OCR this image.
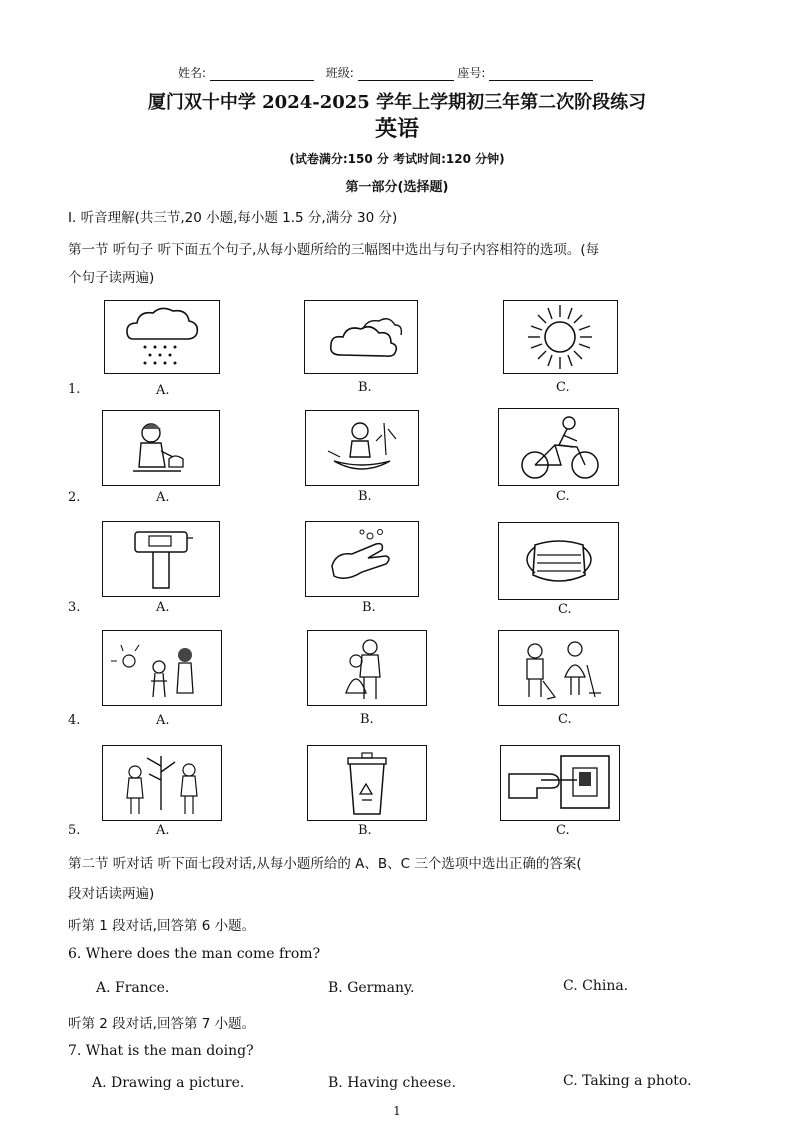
姓名:	班级:	座号:
厦门双十中学 2024-2025 学年上学期初三年第二次阶段练习
英语
(试卷满分:150 分 考试时间:120 分钟)
第一部分(选择题)
I. 听音理解(共三节,20 小题,每小题 1.5 分,满分 30 分)
第一节 听句子 听下面五个句子,从每小题所给的三幅图中选出与句子内容相符的选项。(每
个句子读两遍)
1.	A.	B.	C.
2.	A.	B.	C.
3.	A.	B.	C.
4.	A.	B.	C.
5.	A.	B.	C.
第二节 听对话 听下面七段对话,从每小题所给的 A、B、C 三个选项中选出正确的答案(
段对话读两遍)
听第 1 段对话,回答第 6 小题。
6. Where does the man come from?
A. France.	B. Germany.	C. China.
听第 2 段对话,回答第 7 小题。
7. What is the man doing?
A. Drawing a picture.	B. Having cheese.	C. Taking a photo.
1
